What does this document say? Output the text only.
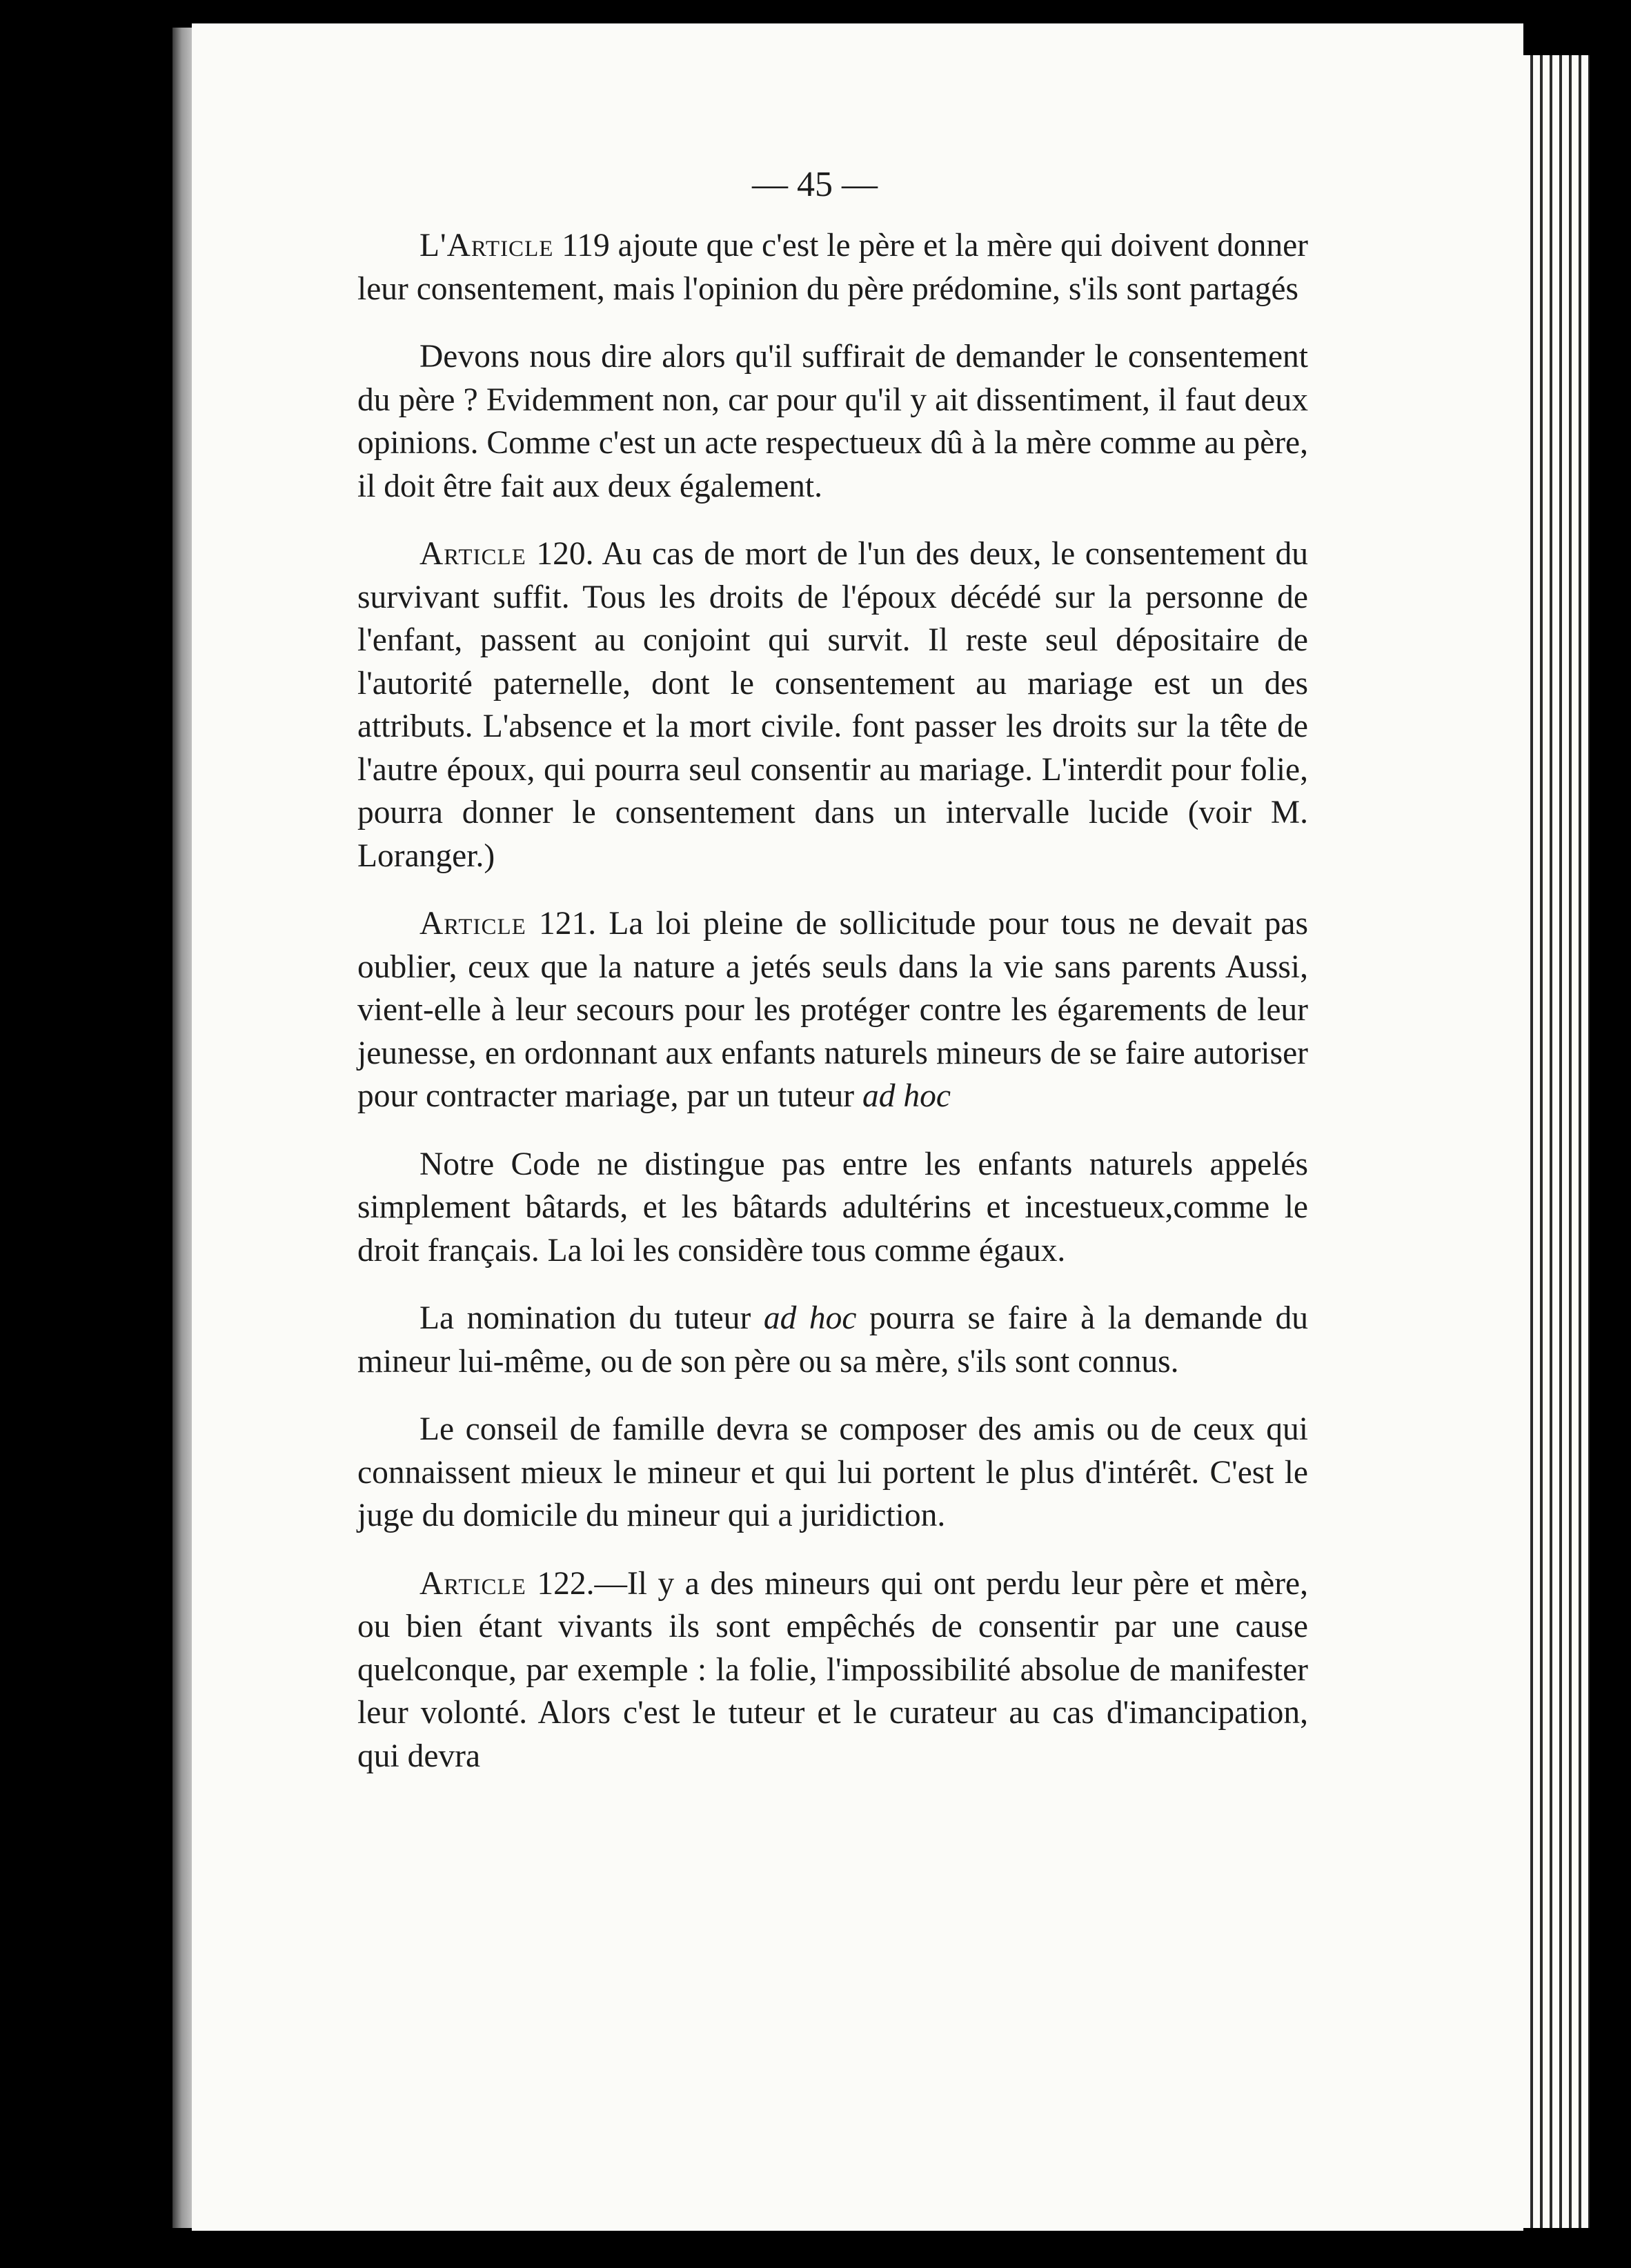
— 45 —

L'Article 119 ajoute que c'est le père et la mère qui doivent donner leur consentement, mais l'opinion du père prédomine, s'ils sont partagés

Devons nous dire alors qu'il suffirait de demander le consentement du père ? Evidemment non, car pour qu'il y ait dissentiment, il faut deux opinions. Comme c'est un acte respectueux dû à la mère comme au père, il doit être fait aux deux également.

Article 120. Au cas de mort de l'un des deux, le consentement du survivant suffit. Tous les droits de l'époux décédé sur la personne de l'enfant, passent au conjoint qui survit. Il reste seul dépositaire de l'autorité paternelle, dont le consentement au mariage est un des attributs. L'absence et la mort civile. font passer les droits sur la tête de l'autre époux, qui pourra seul consentir au mariage. L'interdit pour folie, pourra donner le consentement dans un intervalle lucide (voir M. Loranger.)

Article 121. La loi pleine de sollicitude pour tous ne devait pas oublier, ceux que la nature a jetés seuls dans la vie sans parents Aussi, vient-elle à leur secours pour les protéger contre les égarements de leur jeunesse, en ordonnant aux enfants naturels mineurs de se faire autoriser pour contracter mariage, par un tuteur ad hoc

Notre Code ne distingue pas entre les enfants naturels appelés simplement bâtards, et les bâtards adultérins et incestueux,comme le droit français. La loi les considère tous comme égaux.

La nomination du tuteur ad hoc pourra se faire à la demande du mineur lui-même, ou de son père ou sa mère, s'ils sont connus.

Le conseil de famille devra se composer des amis ou de ceux qui connaissent mieux le mineur et qui lui portent le plus d'intérêt. C'est le juge du domicile du mineur qui a juridiction.

Article 122.—Il y a des mineurs qui ont perdu leur père et mère, ou bien étant vivants ils sont empêchés de consentir par une cause quelconque, par exemple : la folie, l'impossibilité absolue de manifester leur volonté. Alors c'est le tuteur et le curateur au cas d'imancipation, qui devra
